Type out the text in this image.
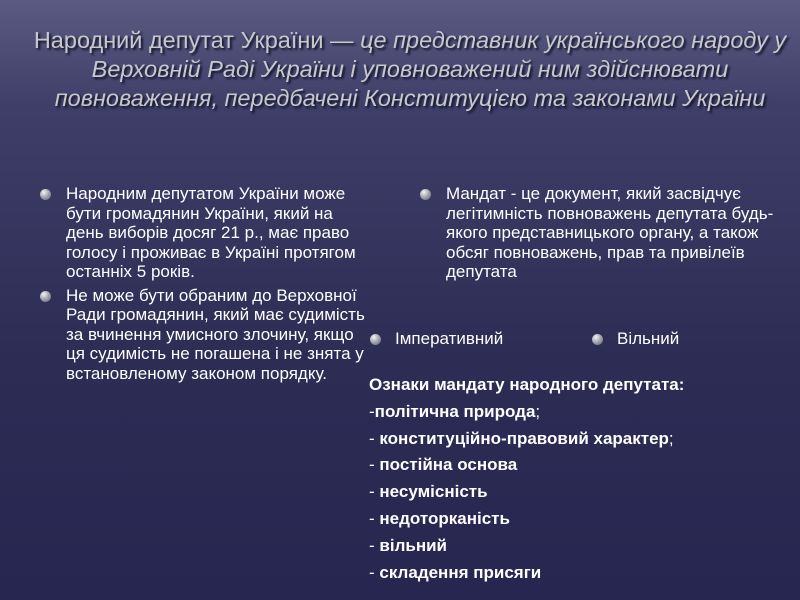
Народний депутат України — це представник українського народу у Верховній Раді України і уповноважений ним здійснювати повноваження, передбачені Конституцією та законами України
Народним депутатом України може бути громадянин України, який на день виборів досяг 21 р., має право голосу і проживає в Україні протягом останніх 5 років.
Не може бути обраним до Верховної Ради громадянин, який має судимість за вчинення умисного злочину, якщо ця судимість не погашена і не знята у встановленому законом порядку.
Мандат - це документ, який засвідчує легітимність повноважень депутата будь-якого представницького органу, а також обсяг повноважень, прав та привілеїв депутата
Імперативний	Вільний
Ознаки мандату народного депутата:
-політична природа;
- конституційно-правовий характер;
- постійна основа
- несумісність
- недоторканість
- вільний
- складення присяги
